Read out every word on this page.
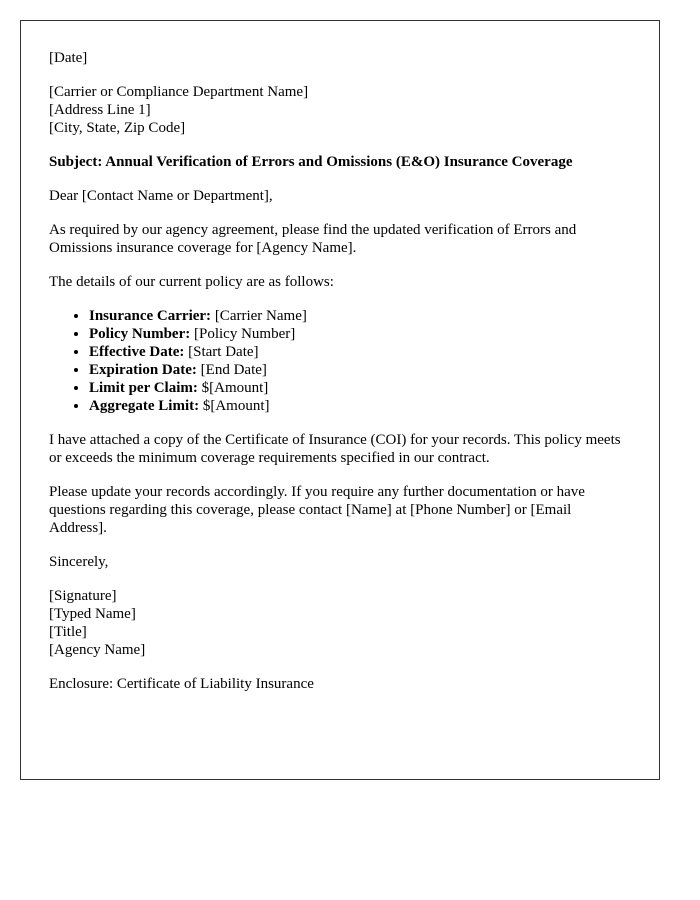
[Date]

[Carrier or Compliance Department Name]
[Address Line 1]
[City, State, Zip Code]

Subject: Annual Verification of Errors and Omissions (E&O) Insurance Coverage

Dear [Contact Name or Department],

As required by our agency agreement, please find the updated verification of Errors and Omissions insurance coverage for [Agency Name].

The details of our current policy are as follows:

• Insurance Carrier: [Carrier Name]
• Policy Number: [Policy Number]
• Effective Date: [Start Date]
• Expiration Date: [End Date]
• Limit per Claim: $[Amount]
• Aggregate Limit: $[Amount]

I have attached a copy of the Certificate of Insurance (COI) for your records. This policy meets or exceeds the minimum coverage requirements specified in our contract.

Please update your records accordingly. If you require any further documentation or have questions regarding this coverage, please contact [Name] at [Phone Number] or [Email Address].

Sincerely,

[Signature]
[Typed Name]
[Title]
[Agency Name]

Enclosure: Certificate of Liability Insurance
